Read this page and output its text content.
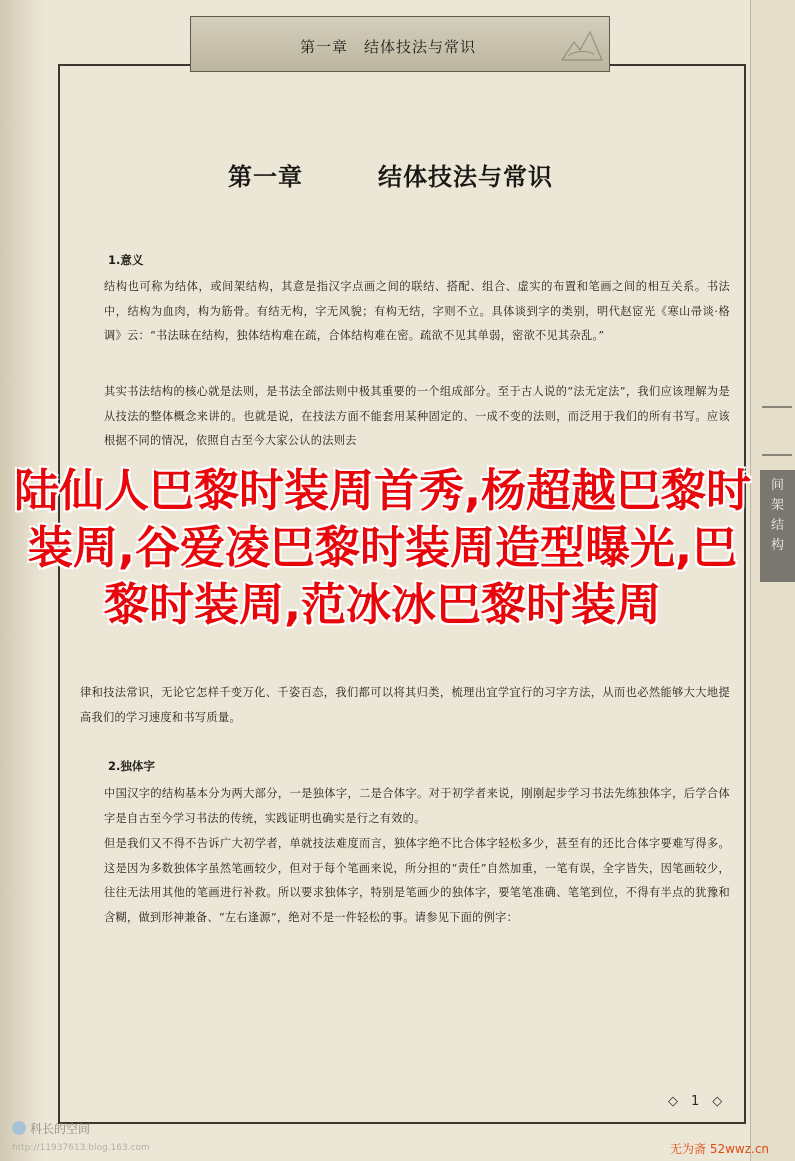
间
架
结
构
第一章　结体技法与常识
第一章　　　结体技法与常识
1.意义
结构也可称为结体，或间架结构，其意是指汉字点画之间的联结、搭配、组合、虚实的布置和笔画之间的相互关系。书法中，结构为血肉，构为筋骨。有结无构，字无风貌；有构无结，字则不立。具体谈到字的类别，明代赵宧光《寒山帚谈·格调》云：“书法昧在结构，独体结构难在疏，合体结构难在密。疏欲不见其单弱，密欲不见其杂乱。”
其实书法结构的核心就是法则，是书法全部法则中极其重要的一个组成部分。至于古人说的“法无定法”，我们应该理解为是从技法的整体概念来讲的。也就是说，在技法方面不能套用某种固定的、一成不变的法则，而泛用于我们的所有书写。应该根据不同的情况，依照自古至今大家公认的法则去
律和技法常识，无论它怎样千变万化、千姿百态，我们都可以将其归类，梳理出宜学宜行的习字方法，从而也必然能够大大地提高我们的学习速度和书写质量。
2.独体字
中国汉字的结构基本分为两大部分，一是独体字，二是合体字。对于初学者来说，刚刚起步学习书法先练独体字，后学合体字是自古至今学习书法的传统，实践证明也确实是行之有效的。
但是我们又不得不告诉广大初学者，单就技法难度而言，独体字绝不比合体字轻松多少，甚至有的还比合体字要难写得多。这是因为多数独体字虽然笔画较少，但对于每个笔画来说，所分担的“责任”自然加重，一笔有误，全字皆失，因笔画较少，往往无法用其他的笔画进行补救。所以要求独体字，特别是笔画少的独体字，要笔笔准确、笔笔到位，不得有半点的犹豫和含糊，做到形神兼备、“左右逢源”，绝对不是一件轻松的事。请参见下面的例字：
陆仙人巴黎时装周首秀,杨超越巴黎时装周,谷爱凌巴黎时装周造型曝光,巴黎时装周,范冰冰巴黎时装周
◇　1　◇
科长的空间
http://11937613.blog.163.com	无为斋 52wwz.cn
